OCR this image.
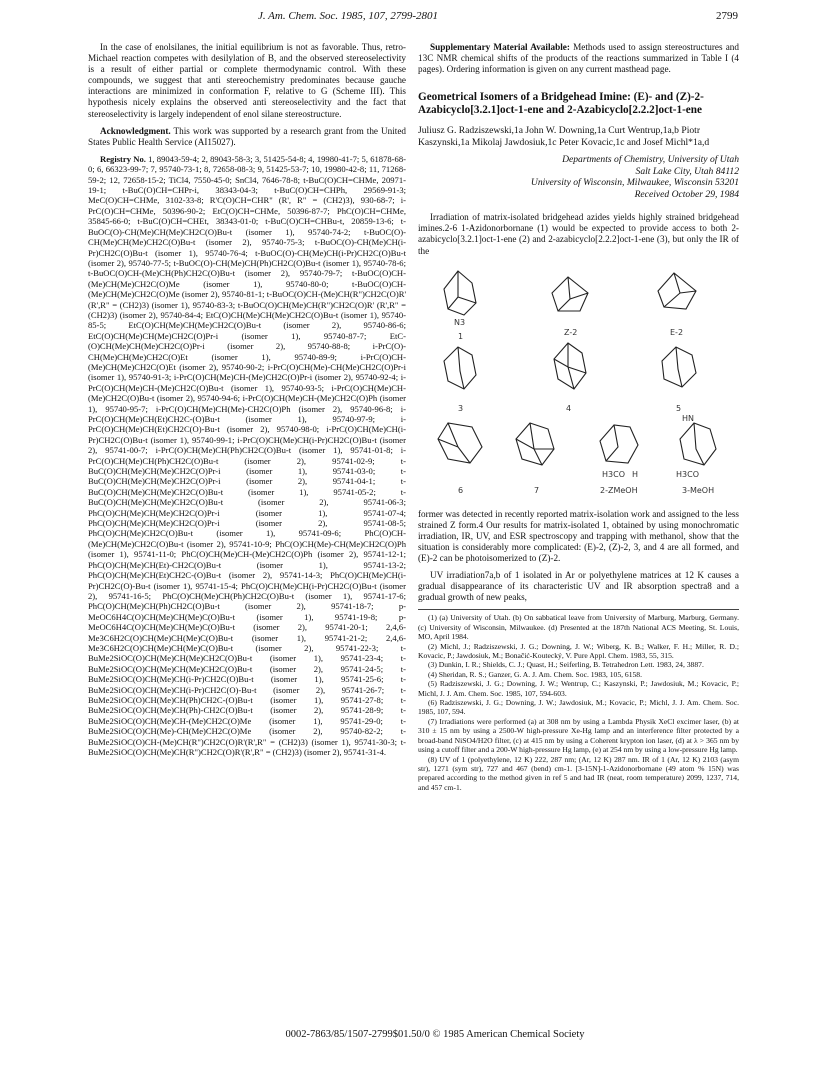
J. Am. Chem. Soc. 1985, 107, 2799-2801	2799

In the case of enolsilanes, the initial equilibrium is not as favorable. Thus, retro-Michael reaction competes with desilylation of B, and the observed stereoselectivity is a result of either partial or complete thermodynamic control. With these compounds, we suggest that anti stereochemistry predominates because gauche interactions are minimized in conformation F, relative to G (Scheme III). This hypothesis nicely explains the observed anti stereoselectivity and the fact that stereoselectivity is largely independent of enol silane stereostructure.

Acknowledgment. This work was supported by a research grant from the United States Public Health Service (AI15027).

Registry No. 1, 89043-59-4; 2, 89043-58-3; 3, 51425-54-8; 4, 19980-41-7; 5, 61878-68-0; 6, 66323-99-7; 7, 95740-73-1; 8, 72658-08-3; 9, 51425-53-7; 10, 19980-42-8; 11, 71268-59-2; 12, 72658-15-2; TiCl4, 7550-45-0; SnCl4, 7646-78-8; t-BuC(O)CH=CHMe, 20971-19-1; t-BuC(O)CH=CHPr-i, 38343-04-3; t-BuC(O)CH=CHPh, 29569-91-3; MeC(O)CH=CHMe, 3102-33-8; R'C(O)CH=CHR" (R', R" = (CH2)3), 930-68-7; i-PrC(O)CH=CHMe, 50396-90-2; EtC(O)CH=CHMe, 50396-87-7; PhC(O)CH=CHMe, 35845-66-0; t-BuC(O)CH=CHEt, 38343-01-0; t-BuC(O)CH=CHBu-t, 20859-13-6; t-BuOC(O)-CH(Me)CH(Me)CH2C(O)Bu-t (isomer 1), 95740-74-2; t-BuOC(O)-CH(Me)CH(Me)CH2C(O)Bu-t (isomer 2), 95740-75-3; t-BuOC(O)-CH(Me)CH(i-Pr)CH2C(O)Bu-t (isomer 1), 95740-76-4; t-BuOC(O)-CH(Me)CH(i-Pr)CH2C(O)Bu-t (isomer 2), 95740-77-5; t-BuOC(O)-CH(Me)CH(Ph)CH2C(O)Bu-t (isomer 1), 95740-78-6; t-BuOC(O)CH-(Me)CH(Ph)CH2C(O)Bu-t (isomer 2), 95740-79-7; t-BuOC(O)CH-(Me)CH(Me)CH2C(O)Me (isomer 1), 95740-80-0; t-BuOC(O)CH-(Me)CH(Me)CH2C(O)Me (isomer 2), 95740-81-1; t-BuOC(O)CH-(Me)CH(R")CH2C(O)R' (R',R" = (CH2)3) (isomer 1), 95740-83-3; t-BuOC(O)CH(Me)CH(R")CH2C(O)R' (R',R" = (CH2)3) (isomer 2), 95740-84-4; EtC(O)CH(Me)CH(Me)CH2C(O)Bu-t (isomer 1), 95740-85-5; EtC(O)CH(Me)CH(Me)CH2C(O)Bu-t (isomer 2), 95740-86-6; EtC(O)CH(Me)CH(Me)CH2C(O)Pr-i (isomer 1), 95740-87-7; EtC-(O)CH(Me)CH(Me)CH2C(O)Pr-i (isomer 2), 95740-88-8; i-PrC(O)-CH(Me)CH(Me)CH2C(O)Et (isomer 1), 95740-89-9; i-PrC(O)CH-(Me)CH(Me)CH2C(O)Et (isomer 2), 95740-90-2; i-PrC(O)CH(Me)-CH(Me)CH2C(O)Pr-i (isomer 1), 95740-91-3; i-PrC(O)CH(Me)CH-(Me)CH2C(O)Pr-i (isomer 2), 95740-92-4; i-PrC(O)CH(Me)CH-(Me)CH2C(O)Bu-t (isomer 1), 95740-93-5; i-PrC(O)CH(Me)CH-(Me)CH2C(O)Bu-t (isomer 2), 95740-94-6; i-PrC(O)CH(Me)CH-(Me)CH2C(O)Ph (isomer 1), 95740-95-7; i-PrC(O)CH(Me)CH(Me)-CH2C(O)Ph (isomer 2), 95740-96-8; i-PrC(O)CH(Me)CH(Et)CH2C-(O)Bu-t (isomer 1), 95740-97-9; i-PrC(O)CH(Me)CH(Et)CH2C(O)-Bu-t (isomer 2), 95740-98-0; i-PrC(O)CH(Me)CH(i-Pr)CH2C(O)Bu-t (isomer 1), 95740-99-1; i-PrC(O)CH(Me)CH(i-Pr)CH2C(O)Bu-t (isomer 2), 95741-00-7; i-PrC(O)CH(Me)CH(Ph)CH2C(O)Bu-t (isomer 1), 95741-01-8; i-PrC(O)CH(Me)CH(Ph)CH2C(O)Bu-t (isomer 2), 95741-02-9; t-BuC(O)CH(Me)CH(Me)CH2C(O)Pr-i (isomer 1), 95741-03-0; t-BuC(O)CH(Me)CH(Me)CH2C(O)Pr-i (isomer 2), 95741-04-1; t-BuC(O)CH(Me)CH(Me)CH2C(O)Bu-t (isomer 1), 95741-05-2; t-BuC(O)CH(Me)CH(Me)CH2C(O)Bu-t (isomer 2), 95741-06-3; PhC(O)CH(Me)CH(Me)CH2C(O)Pr-i (isomer 1), 95741-07-4; PhC(O)CH(Me)CH(Me)CH2C(O)Pr-i (isomer 2), 95741-08-5; PhC(O)CH(Me)CH2C(O)Bu-t (isomer 1), 95741-09-6; PhC(O)CH-(Me)CH(Me)CH2C(O)Bu-t (isomer 2), 95741-10-9; PhC(O)CH(Me)-CH(Me)CH2C(O)Ph (isomer 1), 95741-11-0; PhC(O)CH(Me)CH-(Me)CH2C(O)Ph (isomer 2), 95741-12-1; PhC(O)CH(Me)CH(Et)-CH2C(O)Bu-t (isomer 1), 95741-13-2; PhC(O)CH(Me)CH(Et)CH2C-(O)Bu-t (isomer 2), 95741-14-3; PhC(O)CH(Me)CH(i-Pr)CH2C(O)-Bu-t (isomer 1), 95741-15-4; PhC(O)CH(Me)CH(i-Pr)CH2C(O)Bu-t (isomer 2), 95741-16-5; PhC(O)CH(Me)CH(Ph)CH2C(O)Bu-t (isomer 1), 95741-17-6; PhC(O)CH(Me)CH(Ph)CH2C(O)Bu-t (isomer 2), 95741-18-7; p-MeOC6H4C(O)CH(Me)CH(Me)C(O)Bu-t (isomer 1), 95741-19-8; p-MeOC6H4C(O)CH(Me)CH(Me)C(O)Bu-t (isomer 2), 95741-20-1; 2,4,6-Me3C6H2C(O)CH(Me)CH(Me)C(O)Bu-t (isomer 1), 95741-21-2; 2,4,6-Me3C6H2C(O)CH(Me)CH(Me)C(O)Bu-t (isomer 2), 95741-22-3; t-BuMe2SiOC(O)CH(Me)CH(Me)CH2C(O)Bu-t (isomer 1), 95741-23-4; t-BuMe2SiOC(O)CH(Me)CH(Me)CH2C(O)Bu-t (isomer 2), 95741-24-5; t-BuMe2SiOC(O)CH(Me)CH(i-Pr)CH2C(O)Bu-t (isomer 1), 95741-25-6; t-BuMe2SiOC(O)CH(Me)CH(i-Pr)CH2C(O)-Bu-t (isomer 2), 95741-26-7; t-BuMe2SiOC(O)CH(Me)CH(Ph)CH2C-(O)Bu-t (isomer 1), 95741-27-8; t-BuMe2SiOC(O)CH(Me)CH(Ph)-CH2C(O)Bu-t (isomer 2), 95741-28-9; t-BuMe2SiOC(O)CH(Me)CH-(Me)CH2C(O)Me (isomer 1), 95741-29-0; t-BuMe2SiOC(O)CH(Me)-CH(Me)CH2C(O)Me (isomer 2), 95740-82-2; t-BuMe2SiOC(O)CH-(Me)CH(R")CH2C(O)R'(R',R" = (CH2)3) (isomer 1), 95741-30-3; t-BuMe2SiOC(O)CH(Me)CH(R")CH2C(O)R'(R',R" = (CH2)3) (isomer 2), 95741-31-4.

Supplementary Material Available: Methods used to assign stereostructures and 13C NMR chemical shifts of the products of the reactions summarized in Table I (4 pages). Ordering information is given on any current masthead page.

Geometrical Isomers of a Bridgehead Imine: (E)- and (Z)-2-Azabicyclo[3.2.1]oct-1-ene and 2-Azabicyclo[2.2.2]oct-1-ene
Juliusz G. Radziszewski,1a John W. Downing,1a Curt Wentrup,1a,b Piotr Kaszynski,1a Mikolaj Jawdosiuk,1c Peter Kovacic,1c and Josef Michl*1a,d
Departments of Chemistry, University of Utah
Salt Lake City, Utah 84112
University of Wisconsin, Milwaukee, Wisconsin 53201
Received October 29, 1984

Irradiation of matrix-isolated bridgehead azides yields highly strained bridgehead imines.2-6 1-Azidonorbornane (1) would be expected to provide access to both 2-azabicyclo[3.2.1]oct-1-ene (2) and 2-azabicyclo[2.2.2]oct-1-ene (3), but only the IR of the

N3
1	Z-2	E-2
3	4	5
HN
H3CO H	H3CO
6	7	2-ZMeOH	3-MeOH

former was detected in recently reported matrix-isolation work and assigned to the less strained Z form.4 Our results for matrix-isolated 1, obtained by using monochromatic irradiation, IR, UV, and ESR spectroscopy and trapping with methanol, show that the situation is considerably more complicated: (E)-2, (Z)-2, 3, and 4 are all formed, and (E)-2 can be photoisomerized to (Z)-2.

UV irradiation7a,b of 1 isolated in Ar or polyethylene matrices at 12 K causes a gradual disappearance of its characteristic UV and IR absorption spectra8 and a gradual growth of new peaks,

(1) (a) University of Utah. (b) On sabbatical leave from University of Marburg, Marburg, Germany. (c) University of Wisconsin, Milwaukee. (d) Presented at the 187th National ACS Meeting, St. Louis, MO, April 1984.
(2) Michl, J.; Radziszewski, J. G.; Downing, J. W.; Wiberg, K. B.; Walker, F. H.; Miller, R. D.; Kovacic, P.; Jawdosiuk, M.; Bonačić-Koutecký, V. Pure Appl. Chem. 1983, 55, 315.
(3) Dunkin, I. R.; Shields, C. J.; Quast, H.; Seiferling, B. Tetrahedron Lett. 1983, 24, 3887.
(4) Sheridan, R. S.; Ganzer, G. A. J. Am. Chem. Soc. 1983, 105, 6158.
(5) Radziszewski, J. G.; Downing, J. W.; Wentrup, C.; Kaszynski, P.; Jawdosiuk, M.; Kovacic, P.; Michl, J. J. Am. Chem. Soc. 1985, 107, 594-603.
(6) Radziszewski, J. G.; Downing, J. W.; Jawdosiuk, M.; Kovacic, P.; Michl, J. J. Am. Chem. Soc. 1985, 107, 594.
(7) Irradiations were performed (a) at 308 nm by using a Lambda Physik XeCl excimer laser, (b) at 310 ± 15 nm by using a 2500-W high-pressure Xe-Hg lamp and an interference filter protected by a broad-band NiSO4/H2O filter, (c) at 415 nm by using a Coherent krypton ion laser, (d) at λ > 365 nm by using a cutoff filter and a 200-W high-pressure Hg lamp, (e) at 254 nm by using a low-pressure Hg lamp.
(8) UV of 1 (polyethylene, 12 K) 222, 287 nm; (Ar, 12 K) 287 nm. IR of 1 (Ar, 12 K) 2103 (asym str), 1271 (sym str), 727 and 467 (bend) cm-1. [3-15N]-1-Azidonorbornane (49 atom % 15N) was prepared according to the method given in ref 5 and had IR (neat, room temperature) 2099, 1237, 714, and 457 cm-1.
0002-7863/85/1507-2799$01.50/0 © 1985 American Chemical Society
